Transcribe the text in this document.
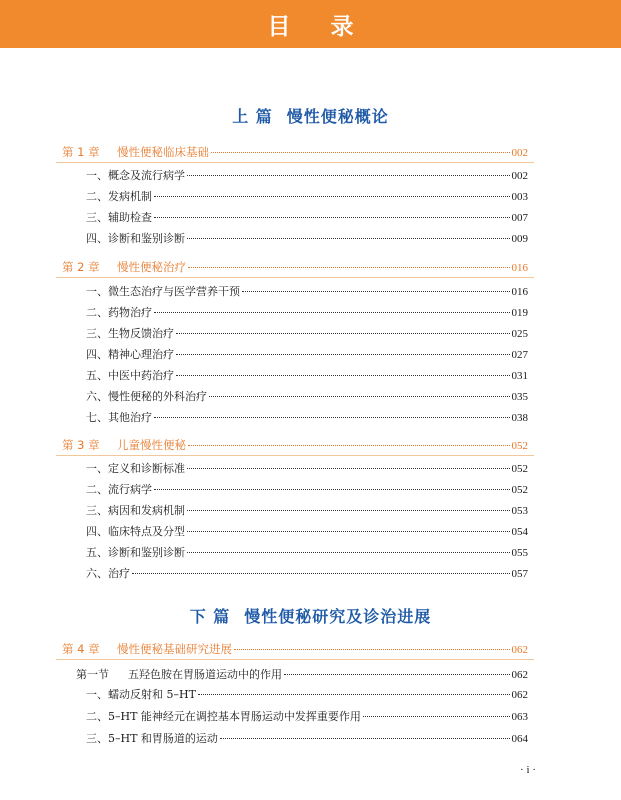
目 录
上 篇 慢性便秘概论
第 1 章 慢性便秘临床基础	002
一、概念及流行病学	002
二、发病机制	003
三、辅助检查	007
四、诊断和鉴别诊断	009
第 2 章 慢性便秘治疗	016
一、微生态治疗与医学营养干预	016
二、药物治疗	019
三、生物反馈治疗	025
四、精神心理治疗	027
五、中医中药治疗	031
六、慢性便秘的外科治疗	035
七、其他治疗	038
第 3 章 儿童慢性便秘	052
一、定义和诊断标准	052
二、流行病学	052
三、病因和发病机制	053
四、临床特点及分型	054
五、诊断和鉴别诊断	055
六、治疗	057
下 篇 慢性便秘研究及诊治进展
第 4 章 慢性便秘基础研究进展	062
第一节 五羟色胺在胃肠道运动中的作用	062
一、蠕动反射和 5–HT	062
二、5–HT 能神经元在调控基本胃肠运动中发挥重要作用	063
三、5–HT 和胃肠道的运动	064
· i ·
